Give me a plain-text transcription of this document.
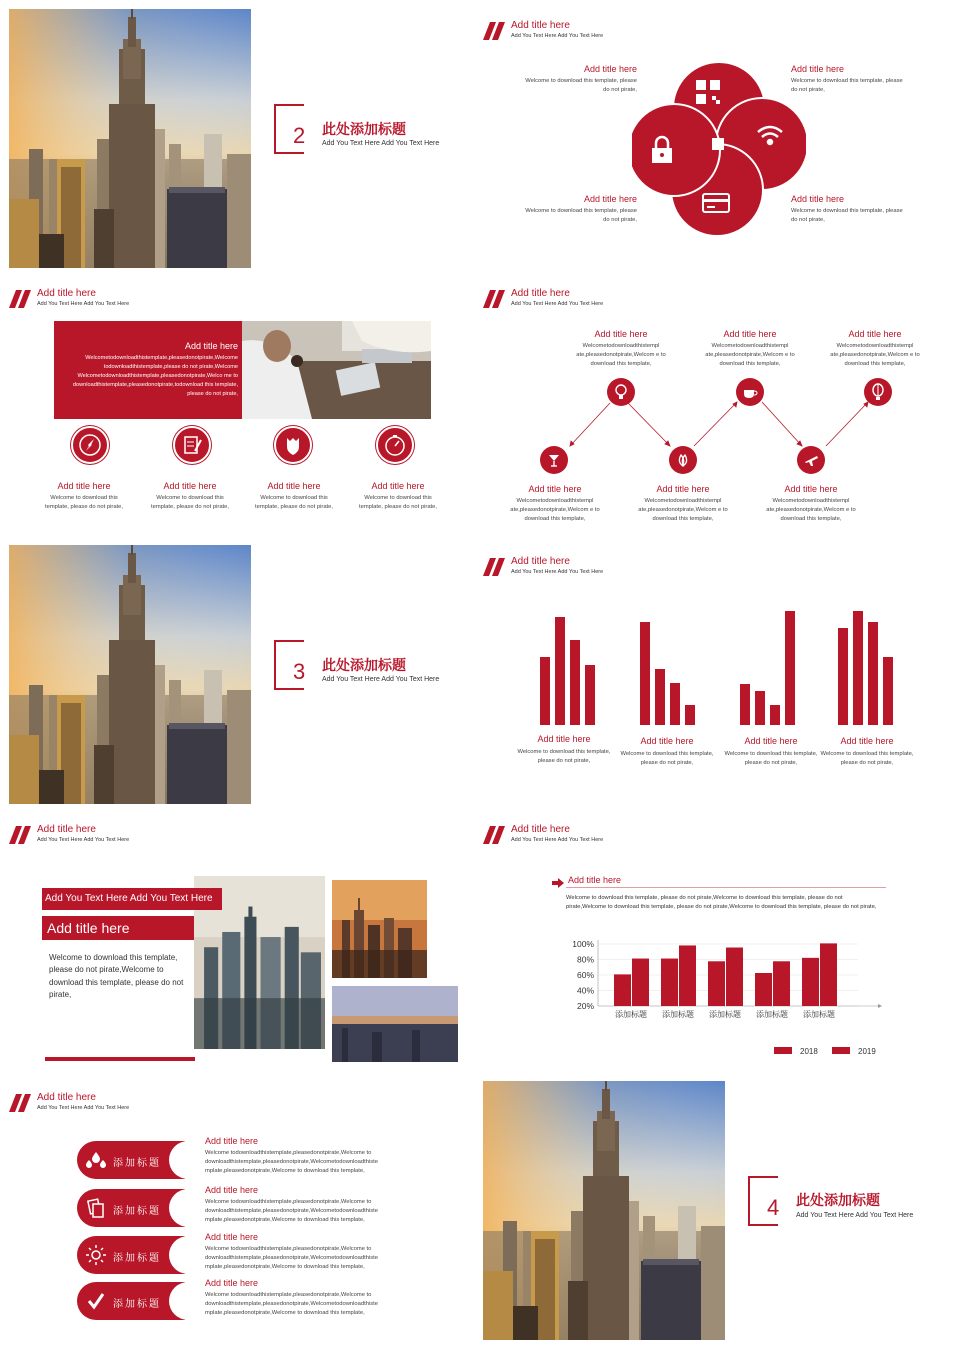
2 此处添加标题
Add You Text Here Add You Text Here
Add title here
Add You Text Here Add You Text Here
Add title here
Welcome to download this template, please do not pirate,
Add title here
Welcome to download this template, please do not pirate,
Add title here
Welcome to download this template, please do not pirate,
Add title here
Welcome to download this template, please do not pirate,
Add title here
Add You Text Here Add You Text Here
Add title here
Welcometodownloadthistemplate,pleasedonotpirate,Welcome todownloadthistemplate,please do not pirate,Welcome Welcometodownloadthistemplate,pleasedonotpirate,Welco me to downloadthistemplate,pleasedonotpirate,todownload this template, please do not pirate,
Add title here
Welcome to download this template, please do not pirate,
Add title here
Welcome to download this template, please do not pirate,
Add title here
Welcome to download this template, please do not pirate,
Add title here
Welcome to download this template, please do not pirate,
Add title here
Add You Text Here Add You Text Here
Add title here
Welcometodownloadthistempl ate,pleasedonotpirate,Welcom e to download this template,
Add title here
Welcometodownloadthistempl ate,pleasedonotpirate,Welcom e to download this template,
Add title here
Welcometodownloadthistempl ate,pleasedonotpirate,Welcom e to download this template,
Add title here
Welcometodownloadthistempl ate,pleasedonotpirate,Welcom e to download this template,
Add title here
Welcometodownloadthistempl ate,pleasedonotpirate,Welcom e to download this template,
Add title here
Welcometodownloadthistempl ate,pleasedonotpirate,Welcom e to download this template,
3 此处添加标题
Add You Text Here Add You Text Here
Add title here
Add You Text Here Add You Text Here
Add title here
Welcome to download this template, please do not pirate,
Add title here
Welcome to download this template, please do not pirate,
Add title here
Welcome to download this template, please do not pirate,
Add title here
Welcome to download this template, please do not pirate,
Add title here
Add You Text Here Add You Text Here
Add You Text Here Add You Text Here
Add title here
Welcome to download this template, please do not pirate,Welcome to download this template, please do not pirate,
Add title here
Add You Text Here Add You Text Here
Add title here
Welcome to download this template, please do not pirate,Welcome to download this template, please do not pirate,Welcome to download this template, please do not pirate,Welcome to download this template, please do not pirate,
100%
80%
60%
40%
20%
添加标题 添加标题 添加标题 添加标题 添加标题
2018	2019
Add title here
Add You Text Here Add You Text Here
添加标题
Add title here
Welcome todownloadthistemplate,pleasedonotpirate,Welcome to downloadthistemplate,pleasedonotpirate,Welcometodownloadthiste mplate,pleasedonotpirate,Welcome to download this template,
添加标题
Add title here
Welcome todownloadthistemplate,pleasedonotpirate,Welcome to downloadthistemplate,pleasedonotpirate,Welcometodownloadthiste mplate,pleasedonotpirate,Welcome to download this template,
添加标题
Add title here
Welcome todownloadthistemplate,pleasedonotpirate,Welcome to downloadthistemplate,pleasedonotpirate,Welcometodownloadthiste mplate,pleasedonotpirate,Welcome to download this template,
添加标题
Add title here
Welcome todownloadthistemplate,pleasedonotpirate,Welcome to downloadthistemplate,pleasedonotpirate,Welcometodownloadthiste mplate,pleasedonotpirate,Welcome to download this template,
4 此处添加标题
Add You Text Here Add You Text Here
